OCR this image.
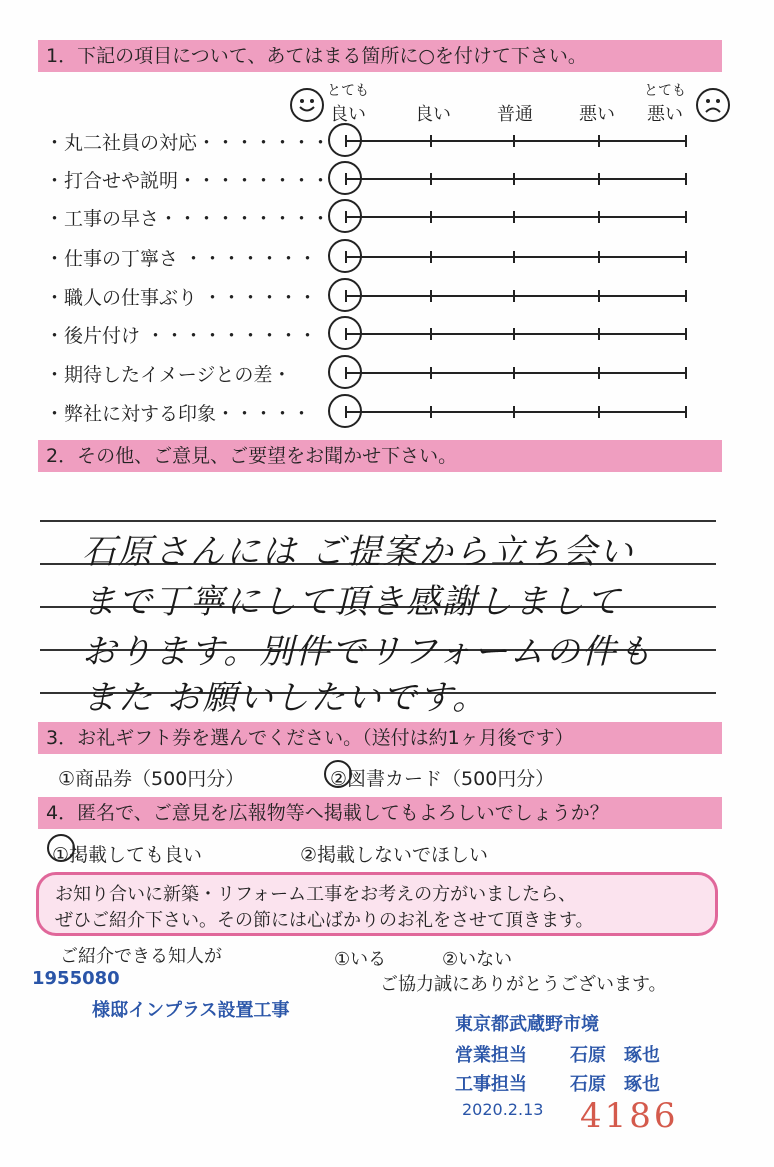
1．下記の項目について、あてはまる箇所に○を付けて下さい。
とても
良い	良い	普通	悪い
とても
悪い
・丸二社員の対応・・・・・・・
・打合せや説明・・・・・・・・
・工事の早さ・・・・・・・・・
・仕事の丁寧さ ・・・・・・・
・職人の仕事ぶり ・・・・・・
・後片付け ・・・・・・・・・
・期待したイメージとの差・
・弊社に対する印象・・・・・
2．その他、ご意見、ご要望をお聞かせ下さい。
石原さんには ご提案から立ち会い
まで丁寧にして頂き感謝しまして
おります。別件でリフォームの件も
また お願いしたいです。
3．お礼ギフト券を選んでください。（送付は約1ヶ月後です）
①商品券（500円分）	②図書カード（500円分）
4．匿名で、ご意見を広報物等へ掲載してもよろしいでしょうか？
①掲載しても良い	②掲載しないでほしい
お知り合いに新築・リフォーム工事をお考えの方がいましたら、
ぜひご紹介下さい。その節には心ばかりのお礼をさせて頂きます。
ご紹介できる知人が	①いる	②いない
ご協力誠にありがとうございます。
1955080
様邸インプラス設置工事
東京都武蔵野市境
営業担当 石原　琢也
工事担当 石原　琢也
2020.2.13 4186
